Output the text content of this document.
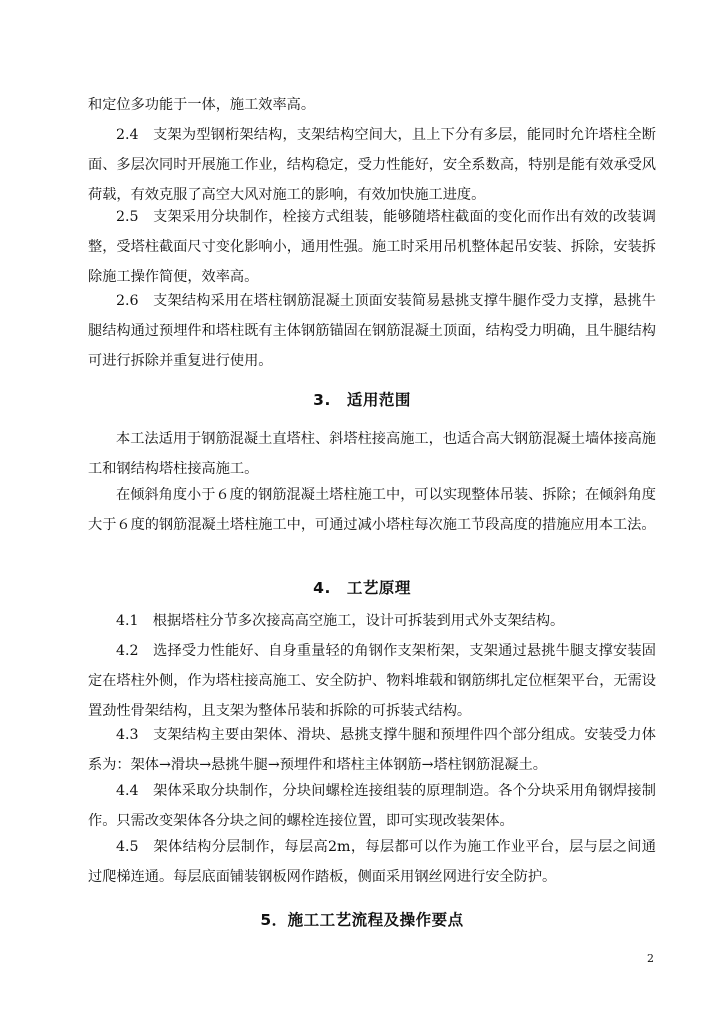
和定位多功能于一体，施工效率高。

2.4　支架为型钢桁架结构，支架结构空间大，且上下分有多层，能同时允许塔柱全断面、多层次同时开展施工作业，结构稳定，受力性能好，安全系数高，特别是能有效承受风荷载，有效克服了高空大风对施工的影响，有效加快施工进度。

2.5　支架采用分块制作，栓接方式组装，能够随塔柱截面的变化而作出有效的改装调整，受塔柱截面尺寸变化影响小，通用性强。施工时采用吊机整体起吊安装、拆除，安装拆除施工操作简便，效率高。

2.6　支架结构采用在塔柱钢筋混凝土顶面安装简易悬挑支撑牛腿作受力支撑，悬挑牛腿结构通过预埋件和塔柱既有主体钢筋锚固在钢筋混凝土顶面，结构受力明确，且牛腿结构可进行拆除并重复进行使用。

3.　适用范围

本工法适用于钢筋混凝土直塔柱、斜塔柱接高施工，也适合高大钢筋混凝土墙体接高施工和钢结构塔柱接高施工。

在倾斜角度小于６度的钢筋混凝土塔柱施工中，可以实现整体吊装、拆除；在倾斜角度大于６度的钢筋混凝土塔柱施工中，可通过减小塔柱每次施工节段高度的措施应用本工法。

4.　工艺原理

4.1　根据塔柱分节多次接高高空施工，设计可拆装到用式外支架结构。

4.2　选择受力性能好、自身重量轻的角钢作支架桁架，支架通过悬挑牛腿支撑安装固定在塔柱外侧，作为塔柱接高施工、安全防护、物料堆载和钢筋绑扎定位框架平台，无需设置劲性骨架结构，且支架为整体吊装和拆除的可拆装式结构。

4.3　支架结构主要由架体、滑块、悬挑支撑牛腿和预埋件四个部分组成。安装受力体系为：架体→滑块→悬挑牛腿→预埋件和塔柱主体钢筋→塔柱钢筋混凝土。

4.4　架体采取分块制作，分块间螺栓连接组装的原理制造。各个分块采用角钢焊接制作。只需改变架体各分块之间的螺栓连接位置，即可实现改装架体。

4.5　架体结构分层制作，每层高2m，每层都可以作为施工作业平台，层与层之间通过爬梯连通。每层底面铺装钢板网作踏板，侧面采用钢丝网进行安全防护。

5．施工工艺流程及操作要点
2
